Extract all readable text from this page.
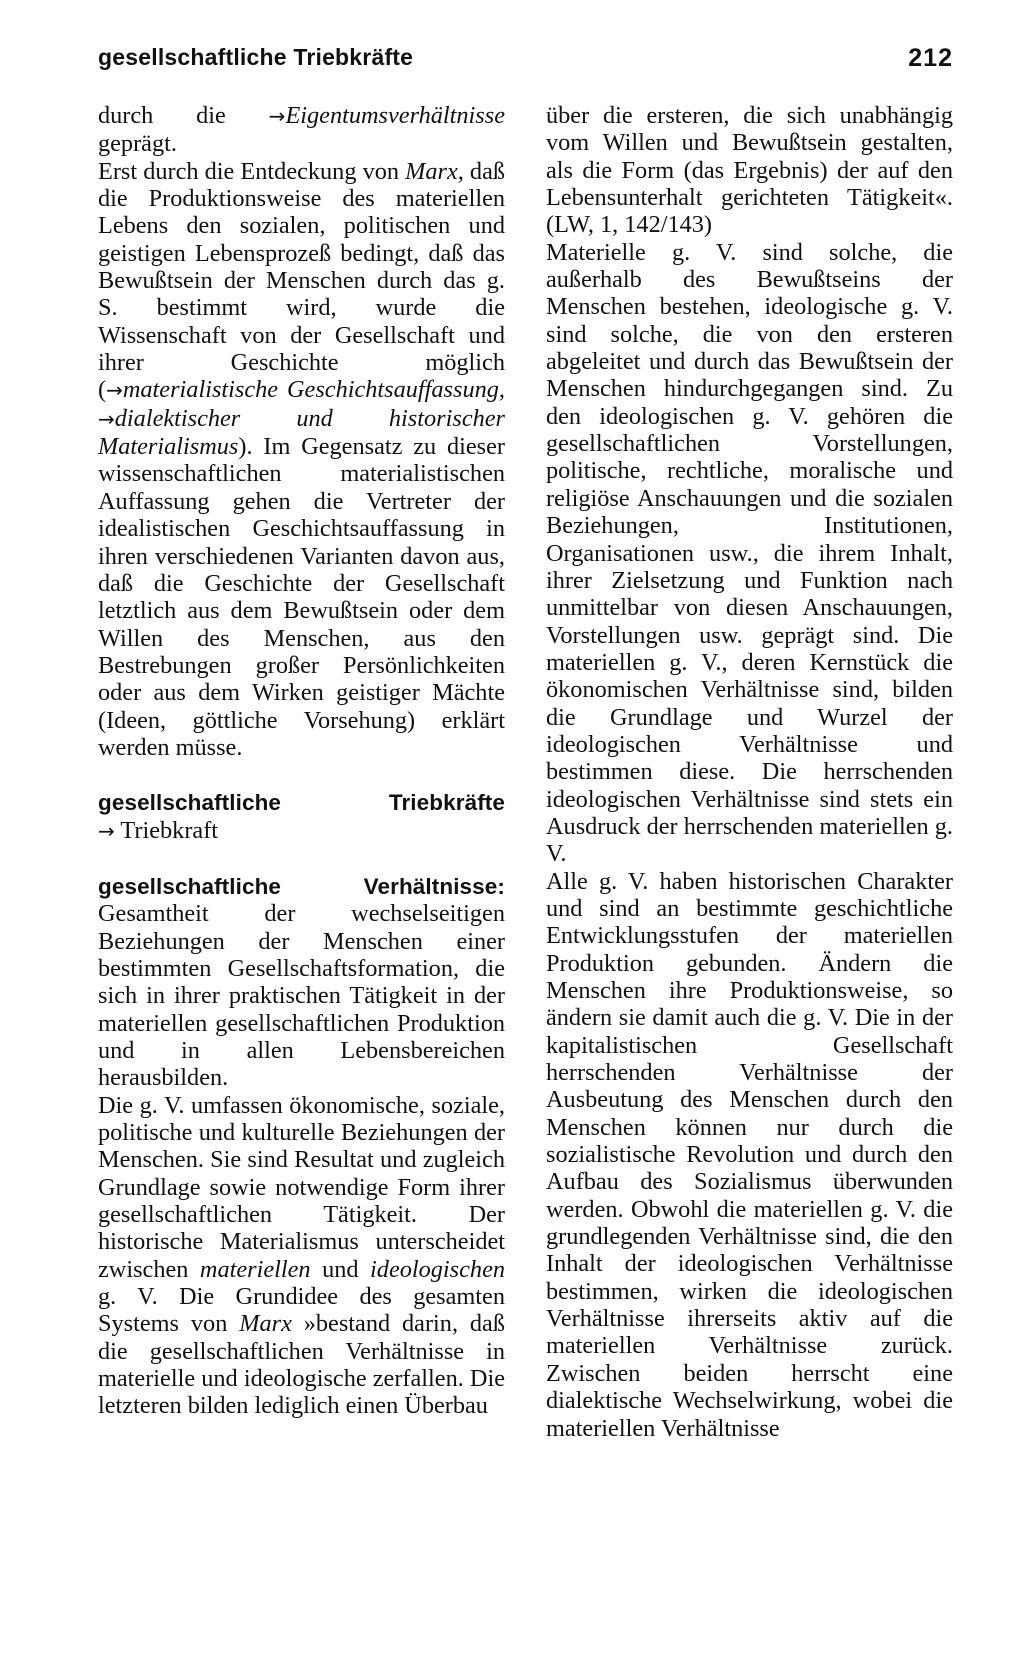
gesellschaftliche Triebkräfte	212

durch die →Eigentumsverhältnisse geprägt.

Erst durch die Entdeckung von Marx, daß die Produktionsweise des materiellen Lebens den sozialen, politischen und geistigen Lebensprozeß bedingt, daß das Bewußtsein der Menschen durch das g. S. bestimmt wird, wurde die Wissenschaft von der Gesellschaft und ihrer Geschichte möglich (→materialistische Geschichtsauffassung, →dialektischer und historischer Materialismus). Im Gegensatz zu dieser wissenschaftlichen materialistischen Auffassung gehen die Vertreter der idealistischen Geschichtsauffassung in ihren verschiedenen Varianten davon aus, daß die Geschichte der Gesellschaft letztlich aus dem Bewußtsein oder dem Willen des Menschen, aus den Bestrebungen großer Persönlichkeiten oder aus dem Wirken geistiger Mächte (Ideen, göttliche Vorsehung) erklärt werden müsse.

gesellschaftliche Triebkräfte

→ Triebkraft

gesellschaftliche Verhältnisse: Gesamtheit der wechselseitigen Beziehungen der Menschen einer bestimmten Gesellschaftsformation, die sich in ihrer praktischen Tätigkeit in der materiellen gesellschaftlichen Produktion und in allen Lebensbereichen herausbilden.

Die g. V. umfassen ökonomische, soziale, politische und kulturelle Beziehungen der Menschen. Sie sind Resultat und zugleich Grundlage sowie notwendige Form ihrer gesellschaftlichen Tätigkeit. Der historische Materialismus unterscheidet zwischen materiellen und ideologischen g. V. Die Grundidee des gesamten Systems von Marx »bestand darin, daß die gesellschaftlichen Verhältnisse in materielle und ideologische zerfallen. Die letzteren bilden lediglich einen Überbau

über die ersteren, die sich unabhängig vom Willen und Bewußtsein gestalten, als die Form (das Ergebnis) der auf den Lebensunterhalt gerichteten Tätigkeit«. (LW, 1, 142/143)

Materielle g. V. sind solche, die außerhalb des Bewußtseins der Menschen bestehen, ideologische g. V. sind solche, die von den ersteren abgeleitet und durch das Bewußtsein der Menschen hindurchgegangen sind. Zu den ideologischen g. V. gehören die gesellschaftlichen Vorstellungen, politische, rechtliche, moralische und religiöse Anschauungen und die sozialen Beziehungen, Institutionen, Organisationen usw., die ihrem Inhalt, ihrer Zielsetzung und Funktion nach unmittelbar von diesen Anschauungen, Vorstellungen usw. geprägt sind. Die materiellen g. V., deren Kernstück die ökonomischen Verhältnisse sind, bilden die Grundlage und Wurzel der ideologischen Verhältnisse und bestimmen diese. Die herrschenden ideologischen Verhältnisse sind stets ein Ausdruck der herrschenden materiellen g. V.

Alle g. V. haben historischen Charakter und sind an bestimmte geschichtliche Entwicklungsstufen der materiellen Produktion gebunden. Ändern die Menschen ihre Produktionsweise, so ändern sie damit auch die g. V. Die in der kapitalistischen Gesellschaft herrschenden Verhältnisse der Ausbeutung des Menschen durch den Menschen können nur durch die sozialistische Revolution und durch den Aufbau des Sozialismus überwunden werden. Obwohl die materiellen g. V. die grundlegenden Verhältnisse sind, die den Inhalt der ideologischen Verhältnisse bestimmen, wirken die ideologischen Verhältnisse ihrerseits aktiv auf die materiellen Verhältnisse zurück. Zwischen beiden herrscht eine dialektische Wechselwirkung, wobei die materiellen Verhältnisse
